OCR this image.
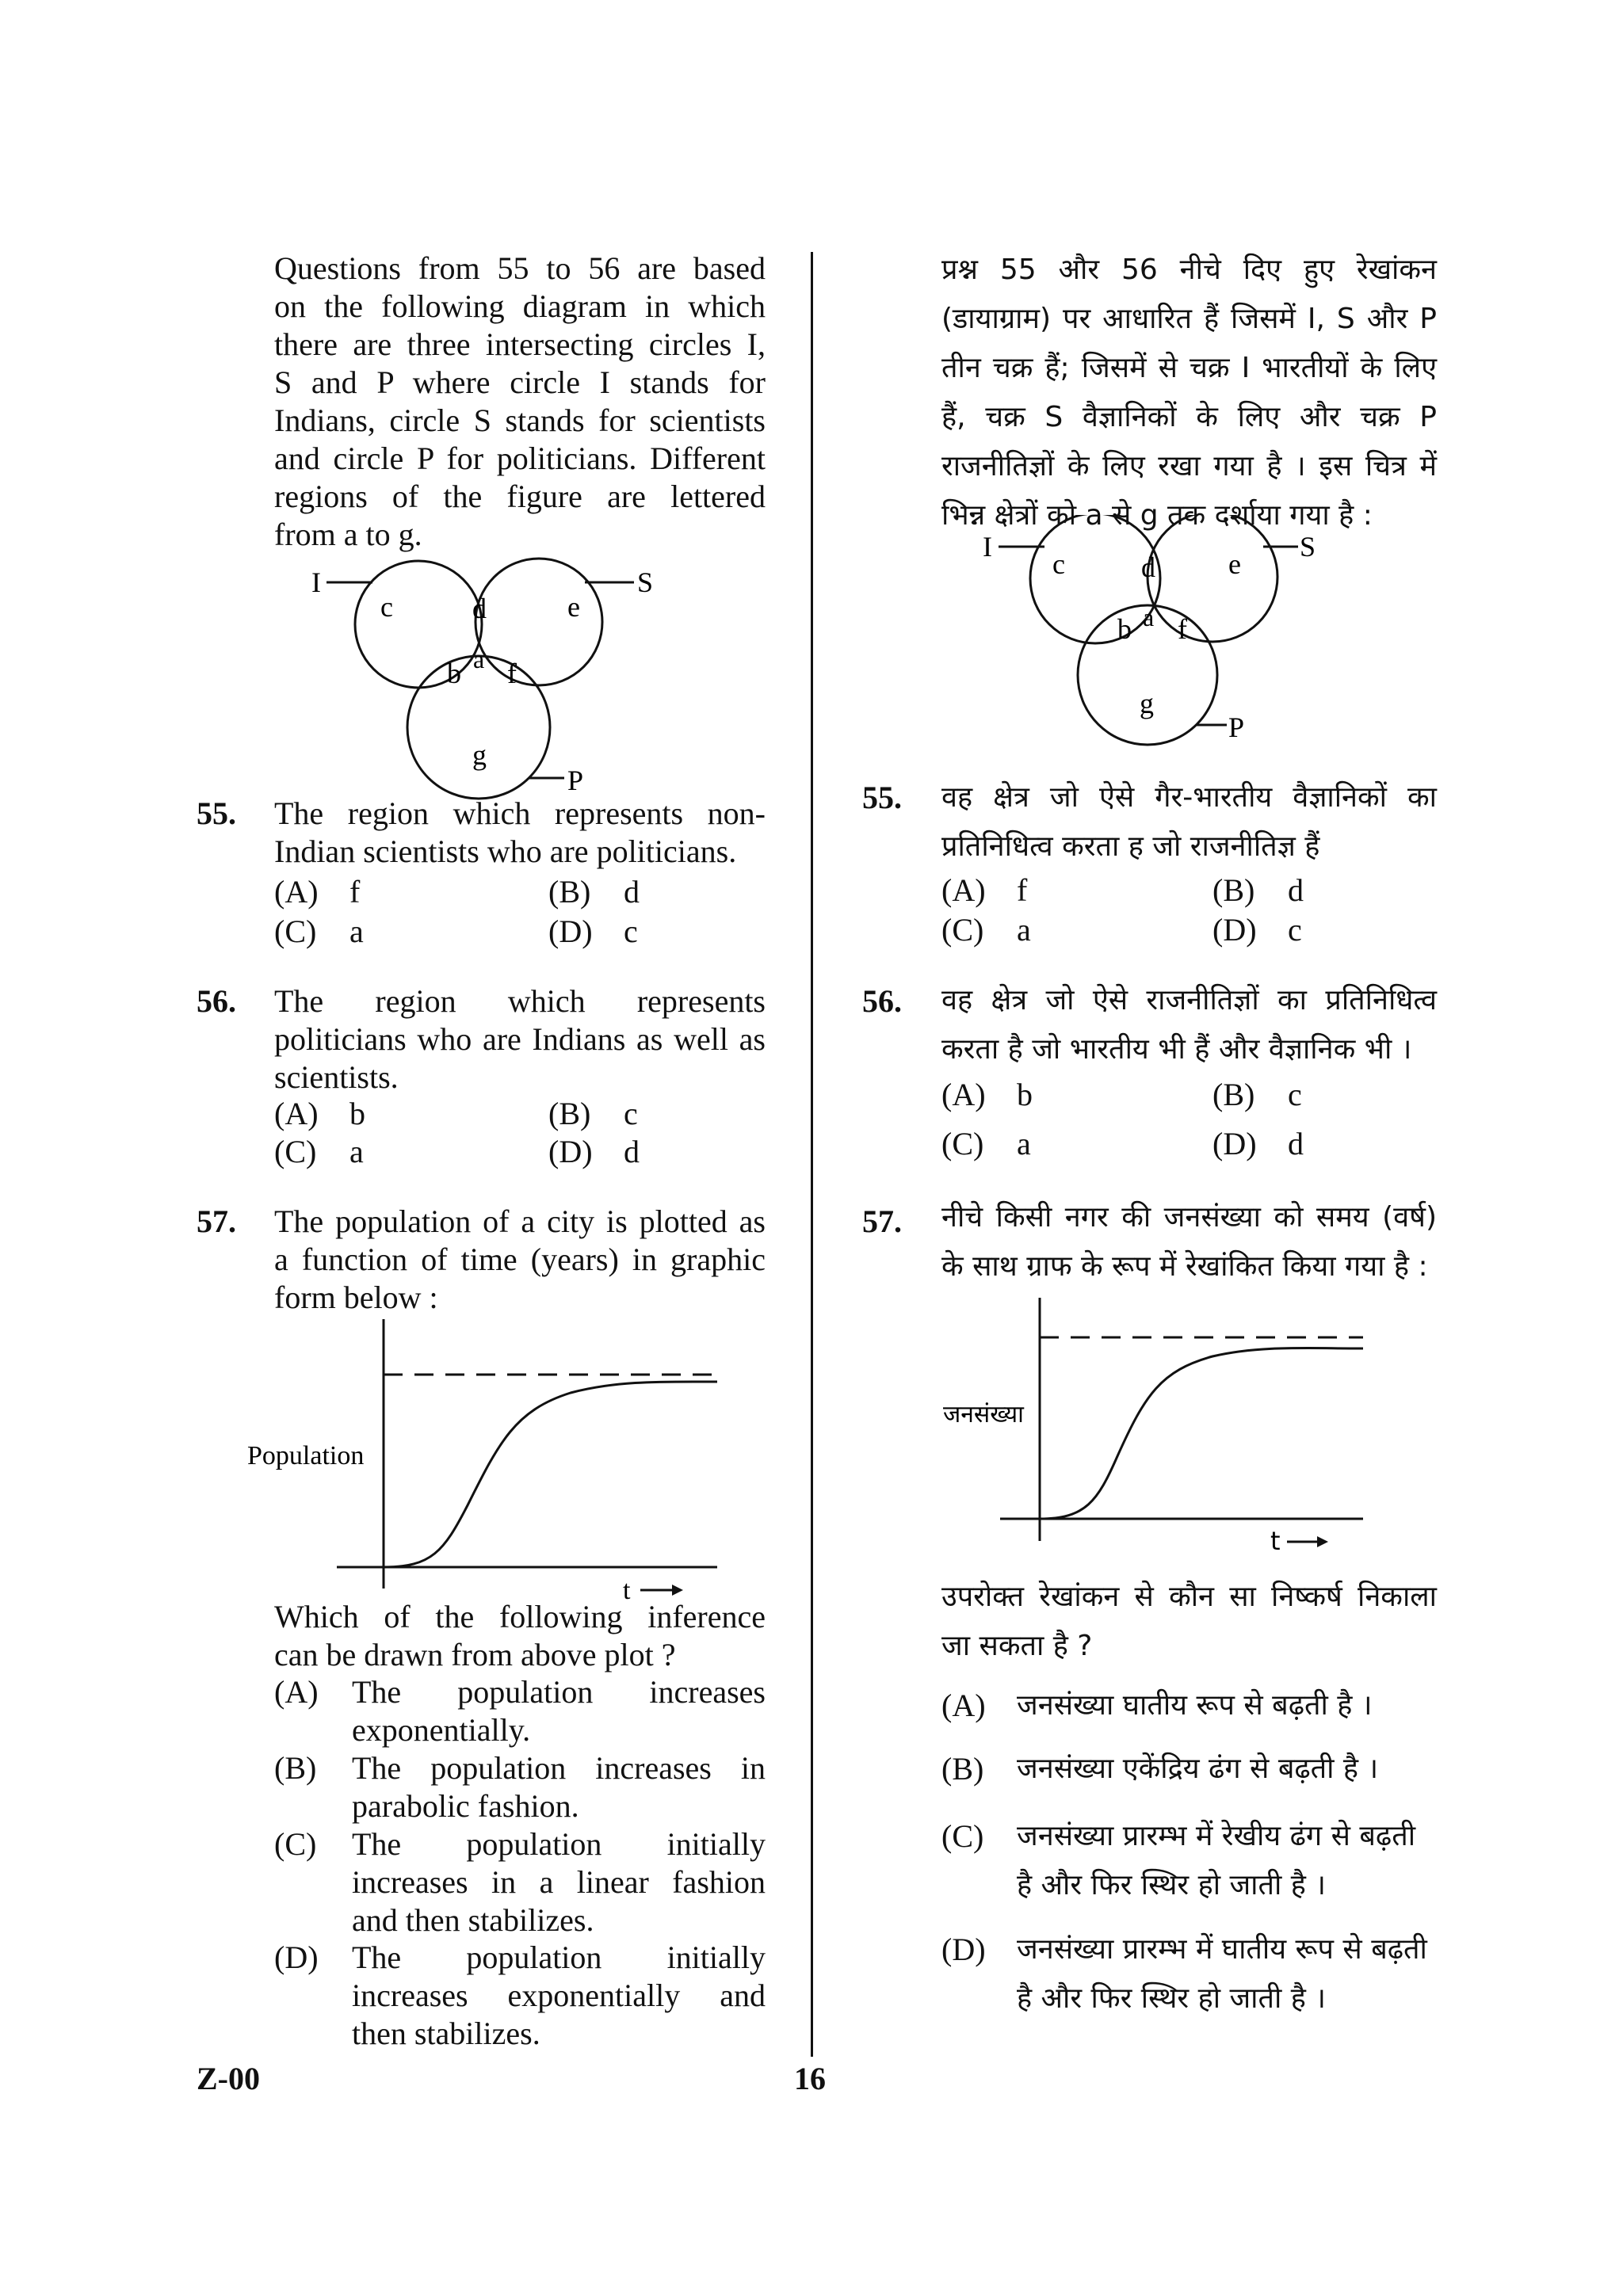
Questions from 55 to 56 are based
on the following diagram in which
there are three intersecting circles I,
S and P where circle I stands for
Indians, circle S stands for scientists
and circle P for politicians. Different
regions of the figure are lettered
from a to g.
I	S
P
c	d	e
a
b f
g
55. The region which represents non-
Indian scientists who are politicians.
(A) f	(B) d
(C) a	(D) c
56. The region which represents
politicians who are Indians as well as
scientists.
(A) b	(B) c
(C) a	(D) d
57. The population of a city is plotted as
a function of time (years) in graphic
form below :
Population
t
Which of the following inference
can be drawn from above plot ?
(A) The population increases
exponentially.
(B) The population increases in
parabolic fashion.
(C) The population initially
increases in a linear fashion
and then stabilizes.
(D) The population initially
increases exponentially and
then stabilizes.
प्रश्न 55 और 56 नीचे दिए हुए रेखांकन
(डायाग्राम) पर आधारित हैं जिसमें I, S और P
तीन चक्र हैं; जिसमें से चक्र I भारतीयों के लिए
हैं, चक्र S वैज्ञानिकों के लिए और चक्र P
राजनीतिज्ञों के लिए रखा गया है । इस चित्र में
भिन्न क्षेत्रों को a से g तक दर्शाया गया है :
I	S
P
c	d	e
a
b f
g
55. वह क्षेत्र जो ऐसे गैर-भारतीय वैज्ञानिकों का
प्रतिनिधित्व करता ह जो राजनीतिज्ञ हैं
(A) f	(B) d
(C) a	(D) c
56. वह क्षेत्र जो ऐसे राजनीतिज्ञों का प्रतिनिधित्व
करता है जो भारतीय भी हैं और वैज्ञानिक भी ।
(A) b	(B) c
(C) a	(D) d
57. नीचे किसी नगर की जनसंख्या को समय (वर्ष)
के साथ ग्राफ के रूप में रेखांकित किया गया है :
जनसंख्या
t
उपरोक्त रेखांकन से कौन सा निष्कर्ष निकाला
जा सकता है ?
(A) जनसंख्या घातीय रूप से बढ़ती है ।
(B) जनसंख्या एकेंद्रिय ढंग से बढ़ती है ।
(C) जनसंख्या प्रारम्भ में रेखीय ढंग से बढ़ती
है और फिर स्थिर हो जाती है ।
(D) जनसंख्या प्रारम्भ में घातीय रूप से बढ़ती
है और फिर स्थिर हो जाती है ।
Z-00	16
